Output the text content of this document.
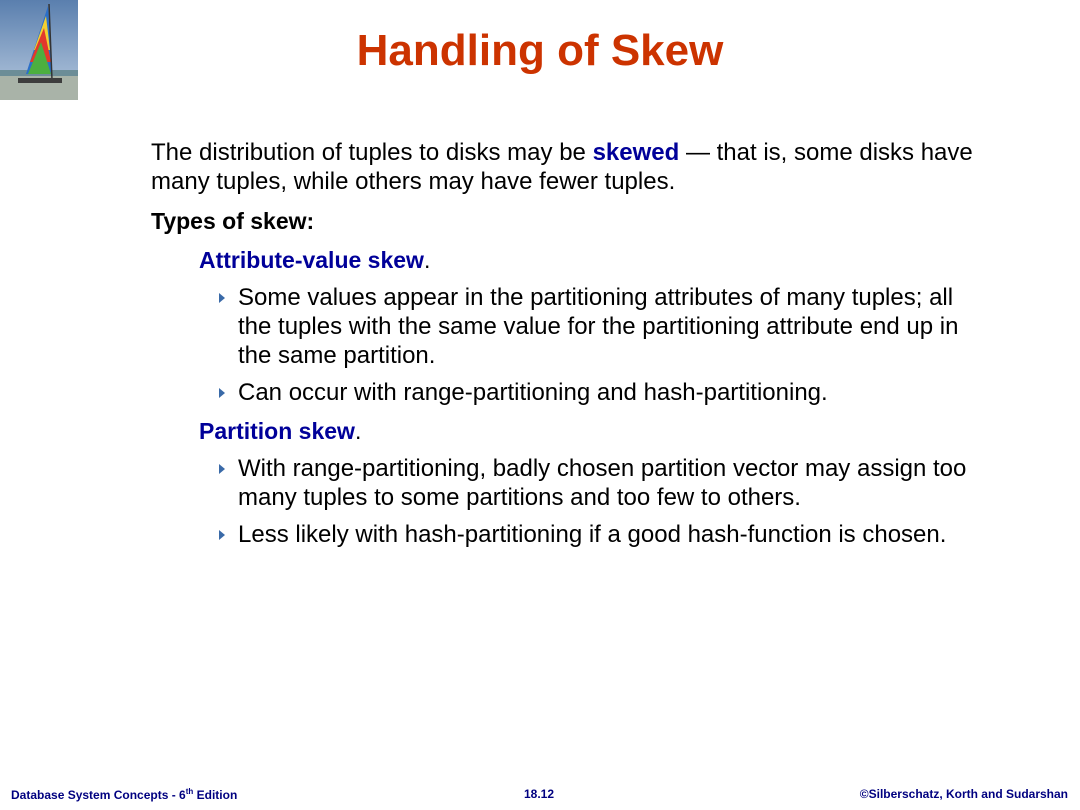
Handling of Skew

The distribution of tuples to disks may be skewed — that is, some disks have many tuples, while others may have fewer tuples.

Types of skew:
Attribute-value skew.
Some values appear in the partitioning attributes of many tuples; all the tuples with the same value for the partitioning attribute end up in the same partition.
Can occur with range-partitioning and hash-partitioning.
Partition skew.
With range-partitioning, badly chosen partition vector may assign too many tuples to some partitions and too few to others.
Less likely with hash-partitioning if a good hash-function is chosen.
Database System Concepts - 6th Edition	18.12	©Silberschatz, Korth and Sudarshan
